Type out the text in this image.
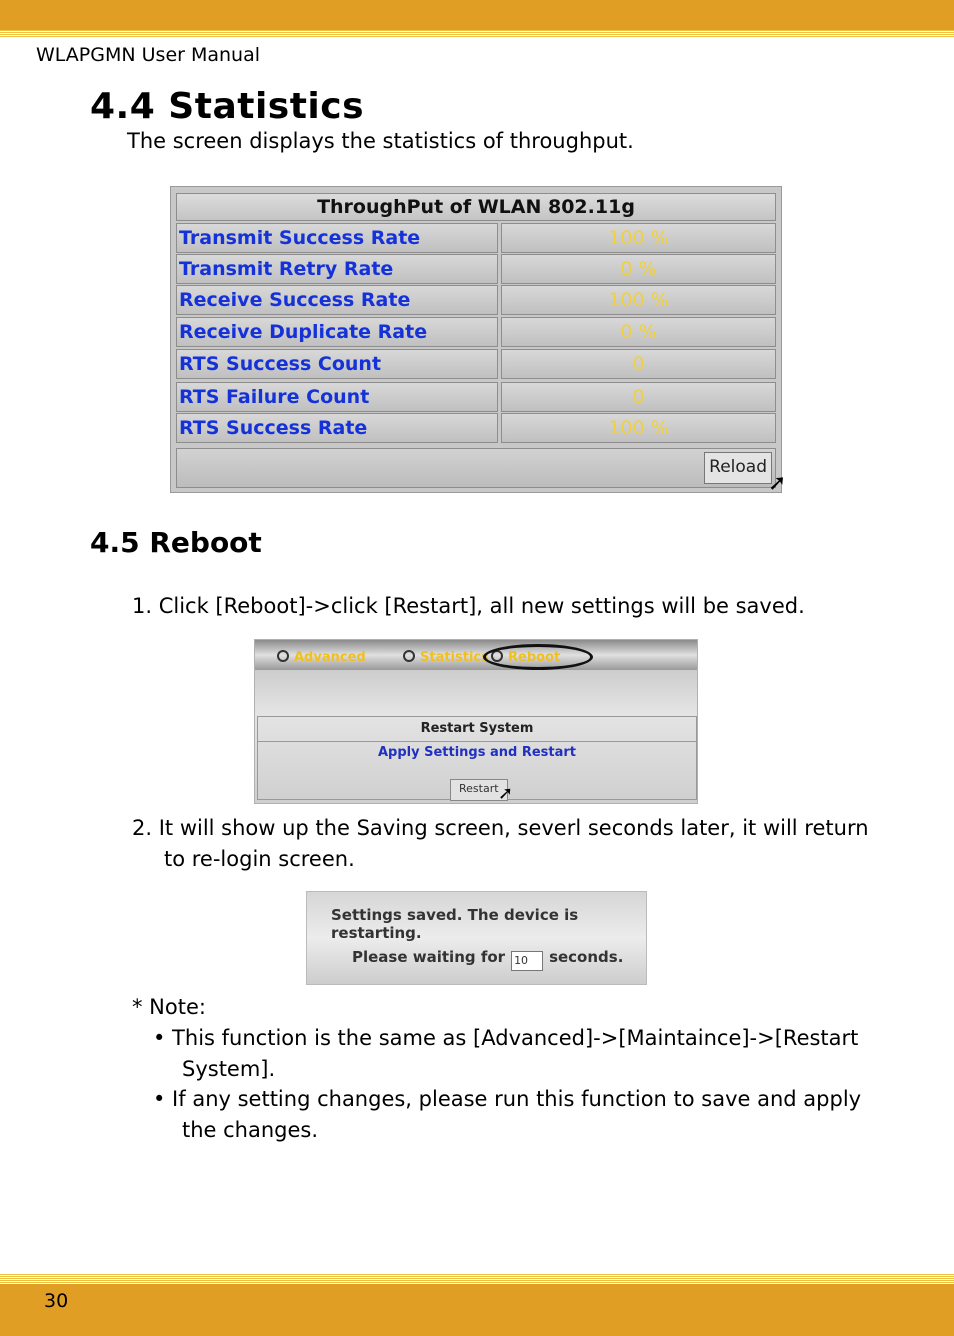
WLAPGMN User Manual
4.4 Statistics
The screen displays the statistics of throughput.
ThroughPut of WLAN 802.11g
Transmit Success Rate	100 %
Transmit Retry Rate	0 %
Receive Success Rate	100 %
Receive Duplicate Rate	0 %
RTS Success Count	0
RTS Failure Count	0
RTS Success Rate	100 %
Reload
➚
4.5 Reboot
1. Click [Reboot]->click [Restart], all new settings will be saved.
Advanced	Statistics	Reboot
Restart System
Apply Settings and Restart
Restart ➚
2. It will show up the Saving screen, severl seconds later, it will return
to re-login screen.
Settings saved. The device is restarting.
Please waiting for 10 seconds.
* Note:
• This function is the same as [Advanced]->[Maintaince]->[Restart
System].
• If any setting changes, please run this function to save and apply
the changes.
30
